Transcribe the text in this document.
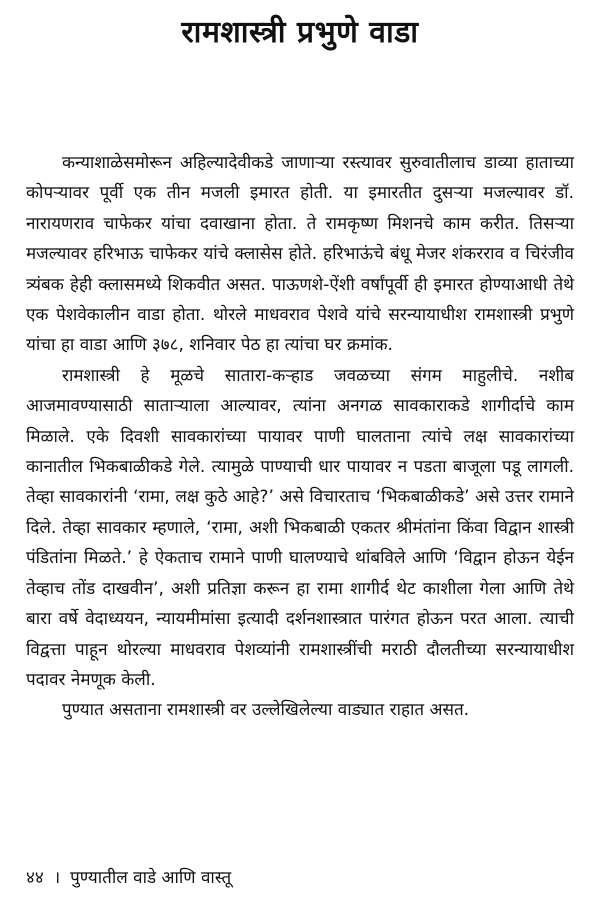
रामशास्त्री प्रभुणे वाडा

कन्याशाळेसमोरून अहिल्यादेवीकडे जाणाऱ्या रस्त्यावर सुरुवातीलाच डाव्या हाताच्या कोपऱ्यावर पूर्वी एक तीन मजली इमारत होती. या इमारतीत दुसऱ्या मजल्यावर डॉ. नारायणराव चाफेकर यांचा दवाखाना होता. ते रामकृष्ण मिशनचे काम करीत. तिसऱ्या मजल्यावर हरिभाऊ चाफेकर यांचे क्लासेस होते. हरिभाऊंचे बंधू मेजर शंकरराव व चिरंजीव त्र्यंबक हेही क्लासमध्ये शिकवीत असत. पाऊणशे-ऐंशी वर्षांपूर्वी ही इमारत होण्याआधी तेथे एक पेशवेकालीन वाडा होता. थोरले माधवराव पेशवे यांचे सरन्यायाधीश रामशास्त्री प्रभुणे यांचा हा वाडा आणि ३७८, शनिवार पेठ हा त्यांचा घर क्रमांक.

रामशास्त्री हे मूळचे सातारा-कऱ्हाड जवळच्या संगम माहुलीचे. नशीब आजमावण्यासाठी साताऱ्याला आल्यावर, त्यांना अनगळ सावकाराकडे शागीर्दाचे काम मिळाले. एके दिवशी सावकारांच्या पायावर पाणी घालताना त्यांचे लक्ष सावकारांच्या कानातील भिकबाळीकडे गेले. त्यामुळे पाण्याची धार पायावर न पडता बाजूला पडू लागली. तेव्हा सावकारांनी ‘रामा, लक्ष कुठे आहे?’ असे विचारताच ‘भिकबाळीकडे’ असे उत्तर रामाने दिले. तेव्हा सावकार म्हणाले, ‘रामा, अशी भिकबाळी एकतर श्रीमंतांना किंवा विद्वान शास्त्री पंडितांना मिळते.’ हे ऐकताच रामाने पाणी घालण्याचे थांबविले आणि ‘विद्वान होऊन येईन तेव्हाच तोंड दाखवीन’, अशी प्रतिज्ञा करून हा रामा शागीर्द थेट काशीला गेला आणि तेथे बारा वर्षे वेदाध्ययन, न्यायमीमांसा इत्यादी दर्शनशास्त्रात पारंगत होऊन परत आला. त्याची विद्वत्ता पाहून थोरल्या माधवराव पेशव्यांनी रामशास्त्रींची मराठी दौलतीच्या सरन्यायाधीश पदावर नेमणूक केली.

पुण्यात असताना रामशास्त्री वर उल्लेखिलेल्या वाड्यात राहात असत.

४४ । पुण्यातील वाडे आणि वास्तू
